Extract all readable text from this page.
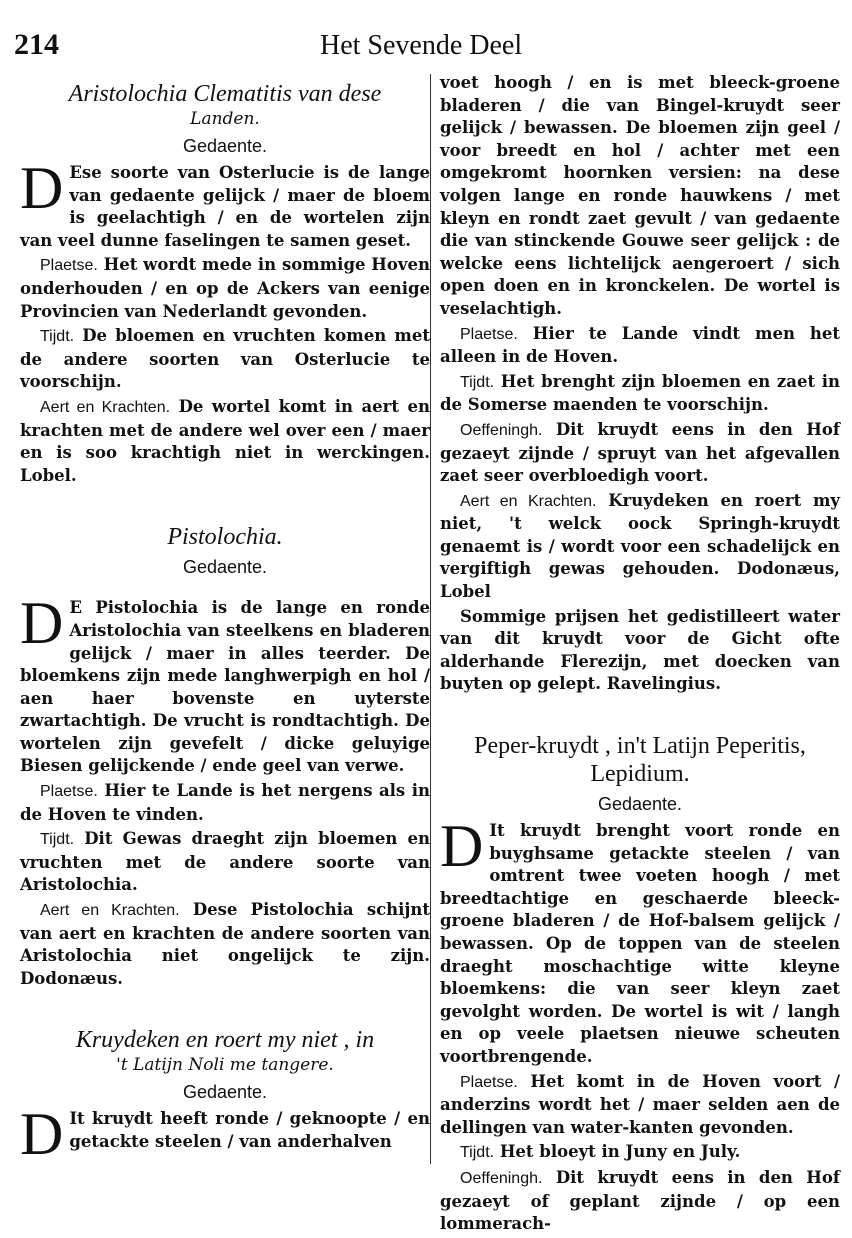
214	Het Sevende Deel

Aristolochia Clematitis van dese

Landen.

Gedaente.

D Ese soorte van Osterlucie is de lange van gedaente gelijck / maer de bloem is geelachtigh / en de wortelen zijn van veel dunne faselingen te samen geset.

Plaetse. Het wordt mede in sommige Hoven onderhouden / en op de Ackers van eenige Provincien van Nederlandt gevonden.

Tijdt. De bloemen en vruchten komen met de andere soorten van Osterlucie te voorschijn.

Aert en Krachten. De wortel komt in aert en krachten met de andere wel over een / maer en is soo krachtigh niet in werckingen. Lobel.

Pistolochia.

Gedaente.

D E Pistolochia is de lange en ronde Aristolochia van steelkens en bladeren gelijck / maer in alles teerder. De bloemkens zijn mede langhwerpigh en hol / aen haer bovenste en uyterste zwartachtigh. De vrucht is rondtachtigh. De wortelen zijn gevefelt / dicke geluyige Biesen gelijckende / ende geel van verwe.

Plaetse. Hier te Lande is het nergens als in de Hoven te vinden.

Tijdt. Dit Gewas draeght zijn bloemen en vruchten met de andere soorte van Aristolochia.

Aert en Krachten. Dese Pistolochia schijnt van aert en krachten de andere soorten van Aristolochia niet ongelijck te zijn. Dodonæus.

Kruydeken en roert my niet , in

't Latijn Noli me tangere.

Gedaente.

D It kruydt heeft ronde / geknoopte / en getackte steelen / van anderhalven

voet hoogh / en is met bleeck-groene bladeren / die van Bingel-kruydt seer gelijck / bewassen. De bloemen zijn geel / voor breedt en hol / achter met een omgekromt hoornken versien: na dese volgen lange en ronde hauwkens / met kleyn en rondt zaet gevult / van gedaente die van stinckende Gouwe seer gelijck : de welcke eens lichtelijck aengeroert / sich open doen en in kronckelen. De wortel is veselachtigh.

Plaetse. Hier te Lande vindt men het alleen in de Hoven.

Tijdt. Het brenght zijn bloemen en zaet in de Somerse maenden te voorschijn.

Oeffeningh. Dit kruydt eens in den Hof gezaeyt zijnde / spruyt van het afgevallen zaet seer overbloedigh voort.

Aert en Krachten. Kruydeken en roert my niet, 't welck oock Springh-kruydt genaemt is / wordt voor een schadelijck en vergiftigh gewas gehouden. Dodonæus, Lobel

Sommige prijsen het gedistilleert water van dit kruydt voor de Gicht ofte alderhande Flerezijn, met doecken van buyten op gelept. Ravelingius.

Peper-kruydt , in't Latijn Peperitis, Lepidium.

Gedaente.

D It kruydt brenght voort ronde en buyghsame getackte steelen / van omtrent twee voeten hoogh / met breedtachtige en geschaerde bleeck-groene bladeren / de Hof-balsem gelijck / bewassen. Op de toppen van de steelen draeght moschachtige witte kleyne bloemkens: die van seer kleyn zaet gevolght worden. De wortel is wit / langh en op veele plaetsen nieuwe scheuten voortbrengende.

Plaetse. Het komt in de Hoven voort / anderzins wordt het / maer selden aen de dellingen van water-kanten gevonden.

Tijdt. Het bloeyt in Juny en July.

Oeffeningh. Dit kruydt eens in den Hof gezaeyt of geplant zijnde / op een lommerach-
